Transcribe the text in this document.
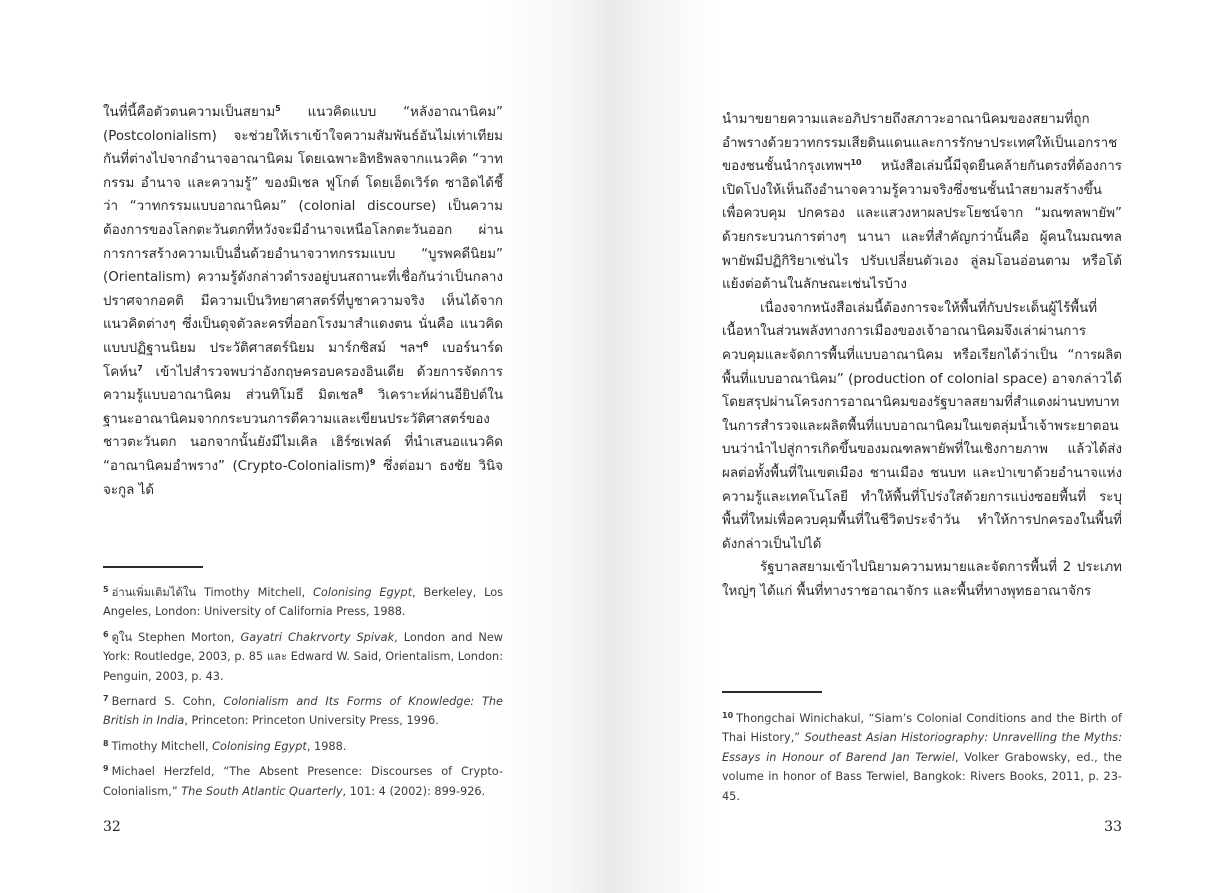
ในที่นี้คือตัวตนความเป็นสยาม$^5$ แนวคิดแบบ “หลังอาณานิคม” (Postcolonialism) จะช่วยให้เราเข้าใจความสัมพันธ์อันไม่เท่าเทียมกันที่ต่างไปจากอำนาจอาณานิคม โดยเฉพาะอิทธิพลจากแนวคิด “วาทกรรม อำนาจ และความรู้” ของมิเชล ฟูโกต์ โดยเอ็ดเวิร์ด ซาอิดได้ชี้ว่า “วาทกรรมแบบอาณานิคม” (colonial discourse) เป็นความต้องการของโลกตะวันตกที่หวังจะมีอำนาจเหนือโลกตะวันออก ผ่านการการสร้างความเป็นอื่นด้วยอำนาจวาทกรรมแบบ “บูรพคดีนิยม” (Orientalism) ความรู้ดังกล่าวดำรงอยู่บนสถานะที่เชื่อกันว่าเป็นกลาง ปราศจากอคติ มีความเป็นวิทยาศาสตร์ที่บูชาความจริง เห็นได้จากแนวคิดต่างๆ ซึ่งเป็นดุจตัวละครที่ออกโรงมาสำแดงตน นั่นคือ แนวคิดแบบปฏิฐานนิยม ประวัติศาสตร์นิยม มาร์กซิสม์ ฯลฯ$^6$ เบอร์นาร์ด โคห์น$^7$ เข้าไปสำรวจพบว่าอังกฤษครอบครองอินเดีย ด้วยการจัดการความรู้แบบอาณานิคม ส่วนทิโมธี มิตเชล$^8$ วิเคราะห์ผ่านอียิปต์ในฐานะอาณานิคมจากกระบวนการตีความและเขียนประวัติศาสตร์ของชาวตะวันตก นอกจากนั้นยังมีไมเคิล เฮิร์ซเฟลด์ ที่นำเสนอแนวคิด “อาณานิคมอำพราง” (Crypto-Colonialism)$^9$ ซึ่งต่อมา ธงชัย วินิจจะกูล ได้

$^5$ อ่านเพิ่มเติมได้ใน Timothy Mitchell, Colonising Egypt, Berkeley, Los Angeles, London: University of California Press, 1988.
$^6$ ดูใน Stephen Morton, Gayatri Chakrvorty Spivak, London and New York: Routledge, 2003, p. 85 และ Edward W. Said, Orientalism, London: Penguin, 2003, p. 43.
$^7$ Bernard S. Cohn, Colonialism and Its Forms of Knowledge: The British in India, Princeton: Princeton University Press, 1996.
$^8$ Timothy Mitchell, Colonising Egypt, 1988.
$^9$ Michael Herzfeld, “The Absent Presence: Discourses of Crypto-Colonialism,” The South Atlantic Quarterly, 101: 4 (2002): 899-926.
32

นำมาขยายความและอภิปรายถึงสภาวะอาณานิคมของสยามที่ถูกอำพรางด้วยวาทกรรมเสียดินแดนและการรักษาประเทศให้เป็นเอกราชของชนชั้นนำกรุงเทพฯ$^{10}$ หนังสือเล่มนี้มีจุดยืนคล้ายกันตรงที่ต้องการเปิดโปงให้เห็นถึงอำนาจความรู้ความจริงซึ่งชนชั้นนำสยามสร้างขึ้นเพื่อควบคุม ปกครอง และแสวงหาผลประโยชน์จาก “มณฑลพายัพ” ด้วยกระบวนการต่างๆ นานา และที่สำคัญกว่านั้นคือ ผู้คนในมณฑลพายัพมีปฏิกิริยาเช่นไร ปรับเปลี่ยนตัวเอง ลู่ลมโอนอ่อนตาม หรือโต้แย้งต่อต้านในลักษณะเช่นไรบ้าง

เนื่องจากหนังสือเล่มนี้ต้องการจะให้พื้นที่กับประเด็นผู้ไร้พื้นที่ เนื้อหาในส่วนพลังทางการเมืองของเจ้าอาณานิคมจึงเล่าผ่านการควบคุมและจัดการพื้นที่แบบอาณานิคม หรือเรียกได้ว่าเป็น “การผลิตพื้นที่แบบอาณานิคม” (production of colonial space) อาจกล่าวได้โดยสรุปผ่านโครงการอาณานิคมของรัฐบาลสยามที่สำแดงผ่านบทบาทในการสำรวจและผลิตพื้นที่แบบอาณานิคมในเขตลุ่มน้ำเจ้าพระยาตอนบนว่านำไปสู่การเกิดขึ้นของมณฑลพายัพที่ในเชิงกายภาพ แล้วได้ส่งผลต่อทั้งพื้นที่ในเขตเมือง ชานเมือง ชนบท และป่าเขาด้วยอำนาจแห่งความรู้และเทคโนโลยี ทำให้พื้นที่โปร่งใสด้วยการแบ่งซอยพื้นที่ ระบุพื้นที่ใหม่เพื่อควบคุมพื้นที่ในชีวิตประจำวัน ทำให้การปกครองในพื้นที่ดังกล่าวเป็นไปได้

รัฐบาลสยามเข้าไปนิยามความหมายและจัดการพื้นที่ 2 ประเภทใหญ่ๆ ได้แก่ พื้นที่ทางราชอาณาจักร และพื้นที่ทางพุทธอาณาจักร

$^{10}$ Thongchai Winichakul, “Siam’s Colonial Conditions and the Birth of Thai History,” Southeast Asian Historiography: Unravelling the Myths: Essays in Honour of Barend Jan Terwiel, Volker Grabowsky, ed., the volume in honor of Bass Terwiel, Bangkok: Rivers Books, 2011, p. 23-45.
33
